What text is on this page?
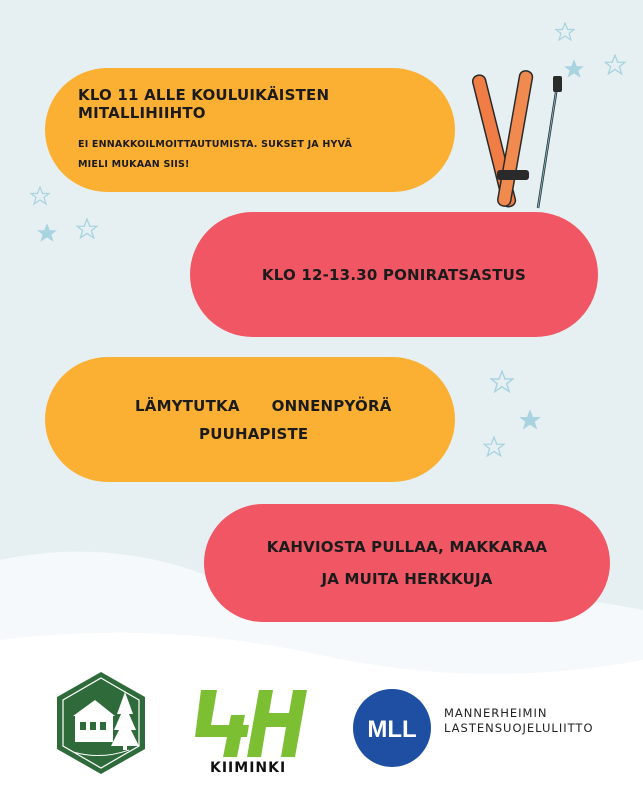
KLO 11 ALLE KOULUIKÄISTEN MITALLIHIIHTO
EI ENNAKKOILMOITTAUTUMISTA. SUKSET JA HYVÄ
MIELI MUKAAN SIIS!
KLO 12-13.30 PONIRATSASTUS
LÄMYTUTKA ONNENPYÖRÄ
PUUHAPISTE
KAHVIOSTA PULLAA, MAKKARAA
JA MUITA HERKKUJA
KIIMINKI
MLL
MANNERHEIMIN
LASTENSUOJELULIITTO
